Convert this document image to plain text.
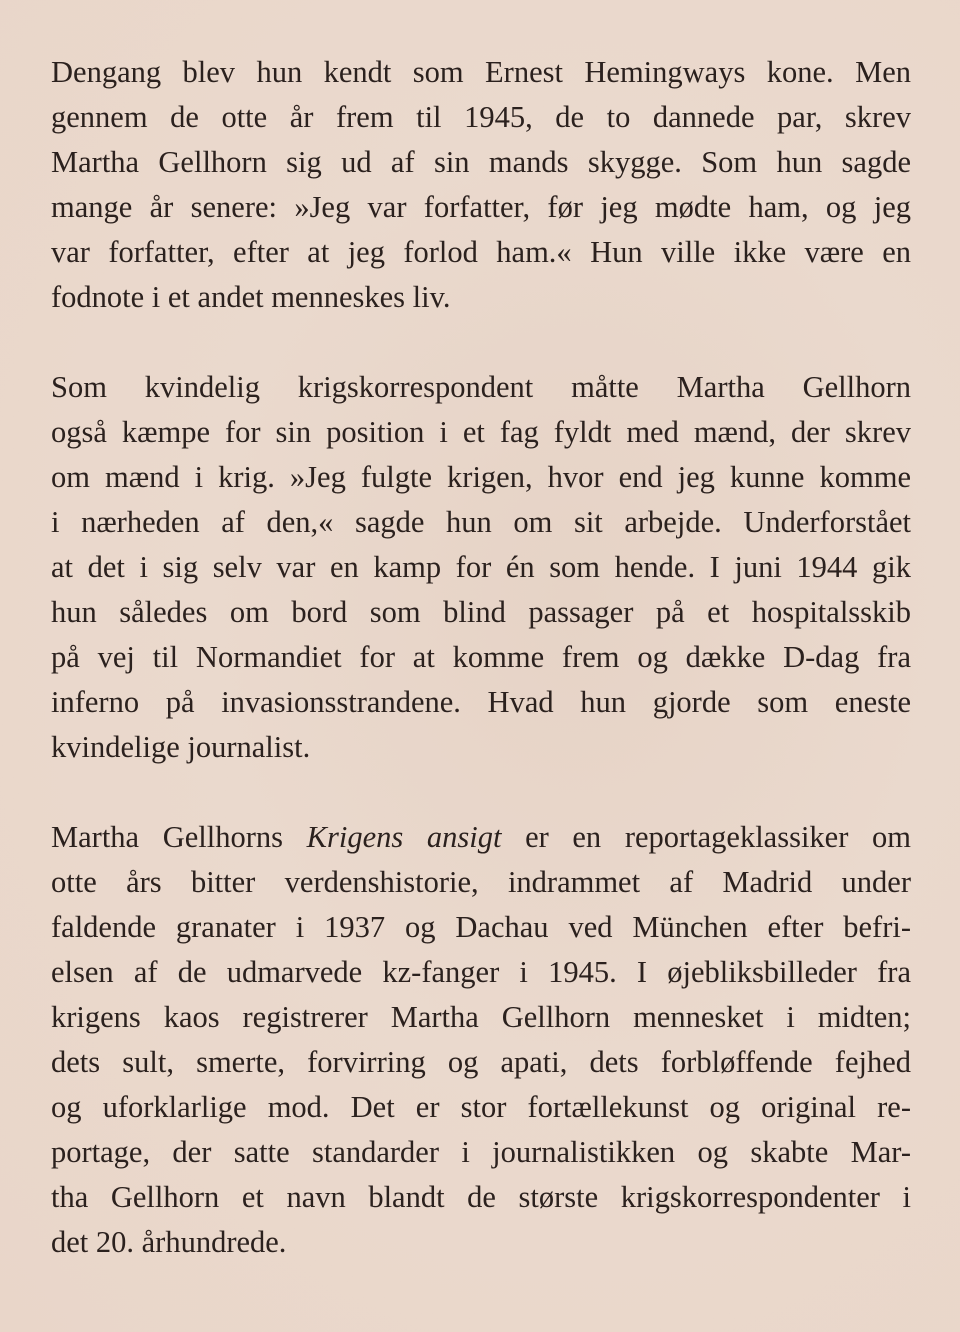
Dengang blev hun kendt som Ernest Hemingways kone. Men
gennem de otte år frem til 1945, de to dannede par, skrev
Martha Gellhorn sig ud af sin mands skygge. Som hun sagde
mange år senere: »Jeg var forfatter, før jeg mødte ham, og jeg
var forfatter, efter at jeg forlod ham.« Hun ville ikke være en
fodnote i et andet menneskes liv.
Som kvindelig krigskorrespondent måtte Martha Gellhorn
også kæmpe for sin position i et fag fyldt med mænd, der skrev
om mænd i krig. »Jeg fulgte krigen, hvor end jeg kunne komme
i nærheden af den,« sagde hun om sit arbejde. Underforstået
at det i sig selv var en kamp for én som hende. I juni 1944 gik
hun således om bord som blind passager på et hospitalsskib
på vej til Normandiet for at komme frem og dække D-dag fra
inferno på invasionsstrandene. Hvad hun gjorde som eneste
kvindelige journalist.
Martha Gellhorns Krigens ansigt er en reportageklassiker om
otte års bitter verdenshistorie, indrammet af Madrid under
faldende granater i 1937 og Dachau ved München efter befri-
elsen af de udmarvede kz-fanger i 1945. I øjebliksbilleder fra
krigens kaos registrerer Martha Gellhorn mennesket i midten;
dets sult, smerte, forvirring og apati, dets forbløffende fejhed
og uforklarlige mod. Det er stor fortællekunst og original re-
portage, der satte standarder i journalistikken og skabte Mar-
tha Gellhorn et navn blandt de største krigskorrespondenter i
det 20. århundrede.
